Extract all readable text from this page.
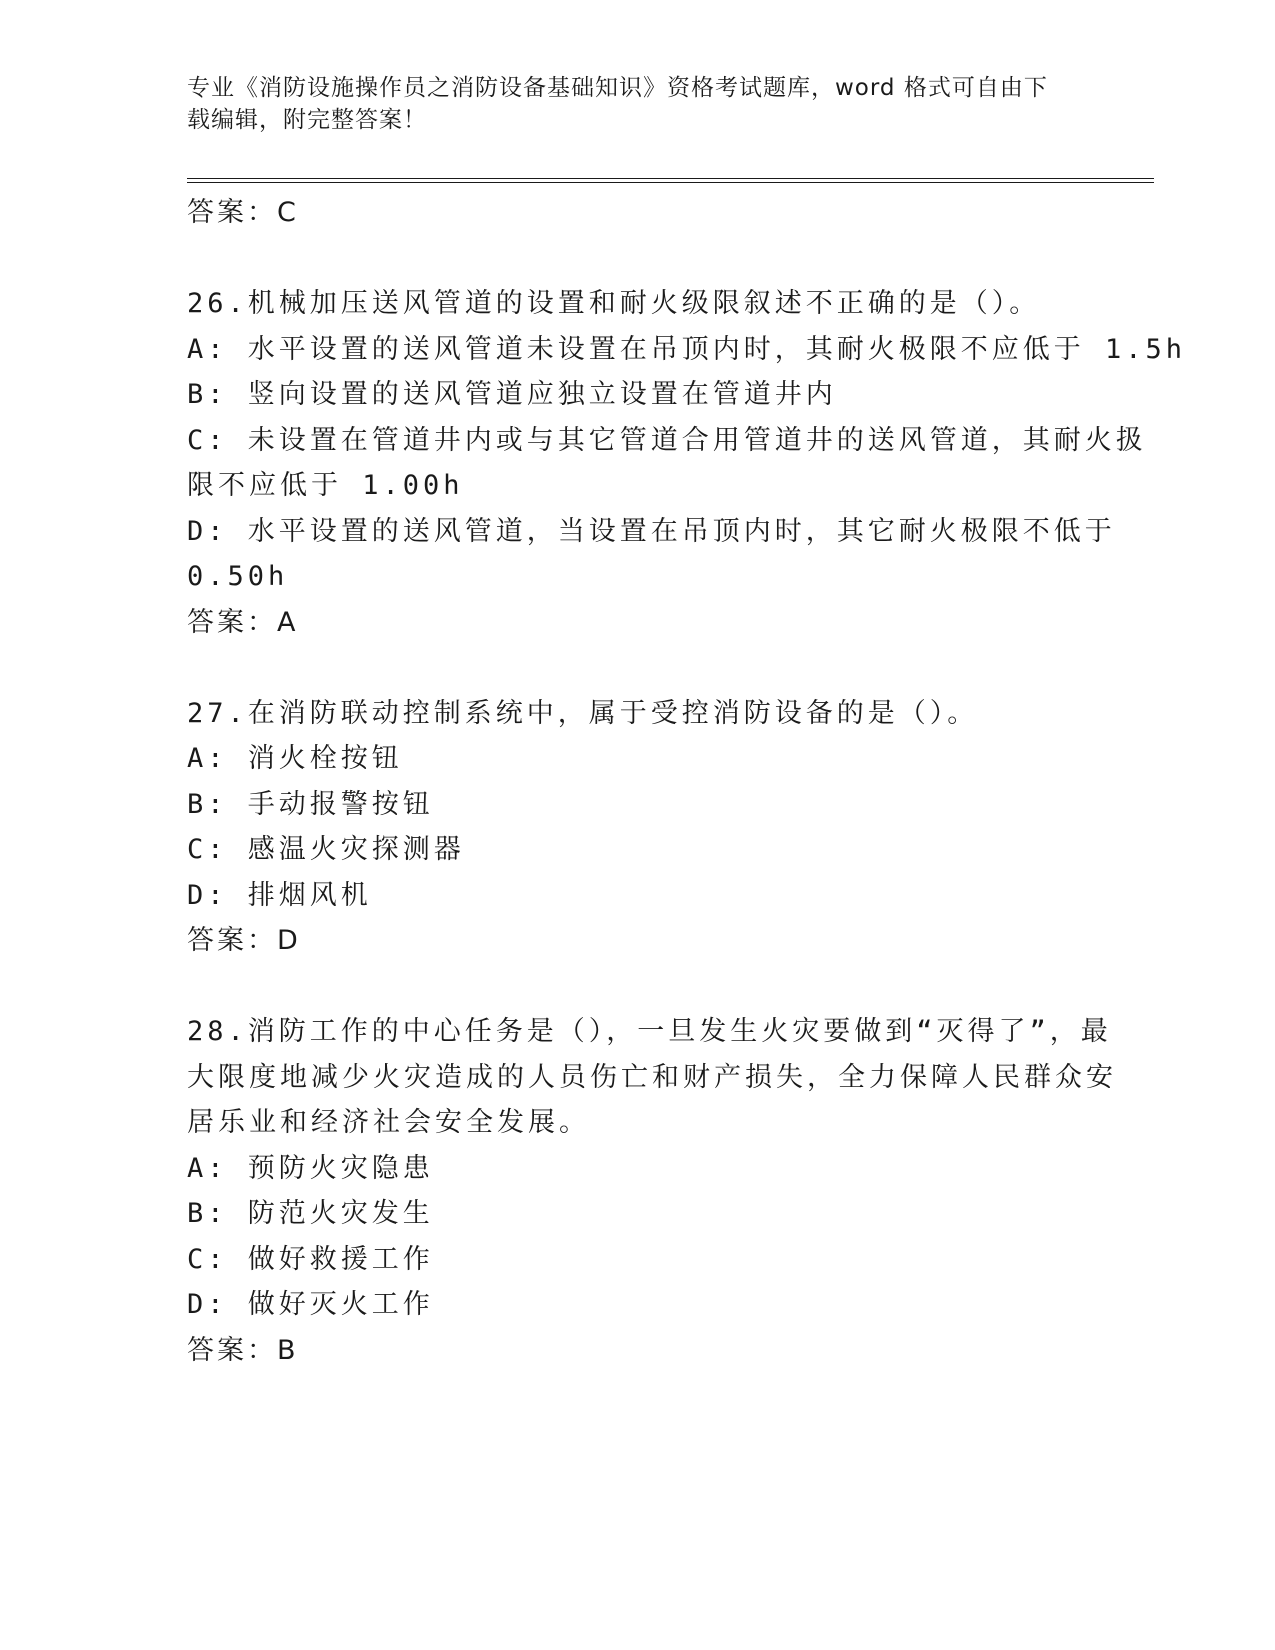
专业《消防设施操作员之消防设备基础知识》资格考试题库，word 格式可自由下
载编辑，附完整答案！
答案：C
26.机械加压送风管道的设置和耐火级限叙述不正确的是（）。
A: 水平设置的送风管道未设置在吊顶内时，其耐火极限不应低于 1.5h
B: 竖向设置的送风管道应独立设置在管道井内
C: 未设置在管道井内或与其它管道合用管道井的送风管道，其耐火扱
限不应低于 1.00h
D: 水平设置的送风管道，当设置在吊顶内时，其它耐火极限不低于
0.50h
答案：A
27.在消防联动控制系统中，属于受控消防设备的是（）。
A: 消火栓按钮
B: 手动报警按钮
C: 感温火灾探测器
D: 排烟风机
答案：D
28.消防工作的中心任务是（），一旦发生火灾要做到“灭得了”，最
大限度地减少火灾造成的人员伤亡和财产损失，全力保障人民群众安
居乐业和经济社会安全发展。
A: 预防火灾隐患
B: 防范火灾发生
C: 做好救援工作
D: 做好灭火工作
答案：B
